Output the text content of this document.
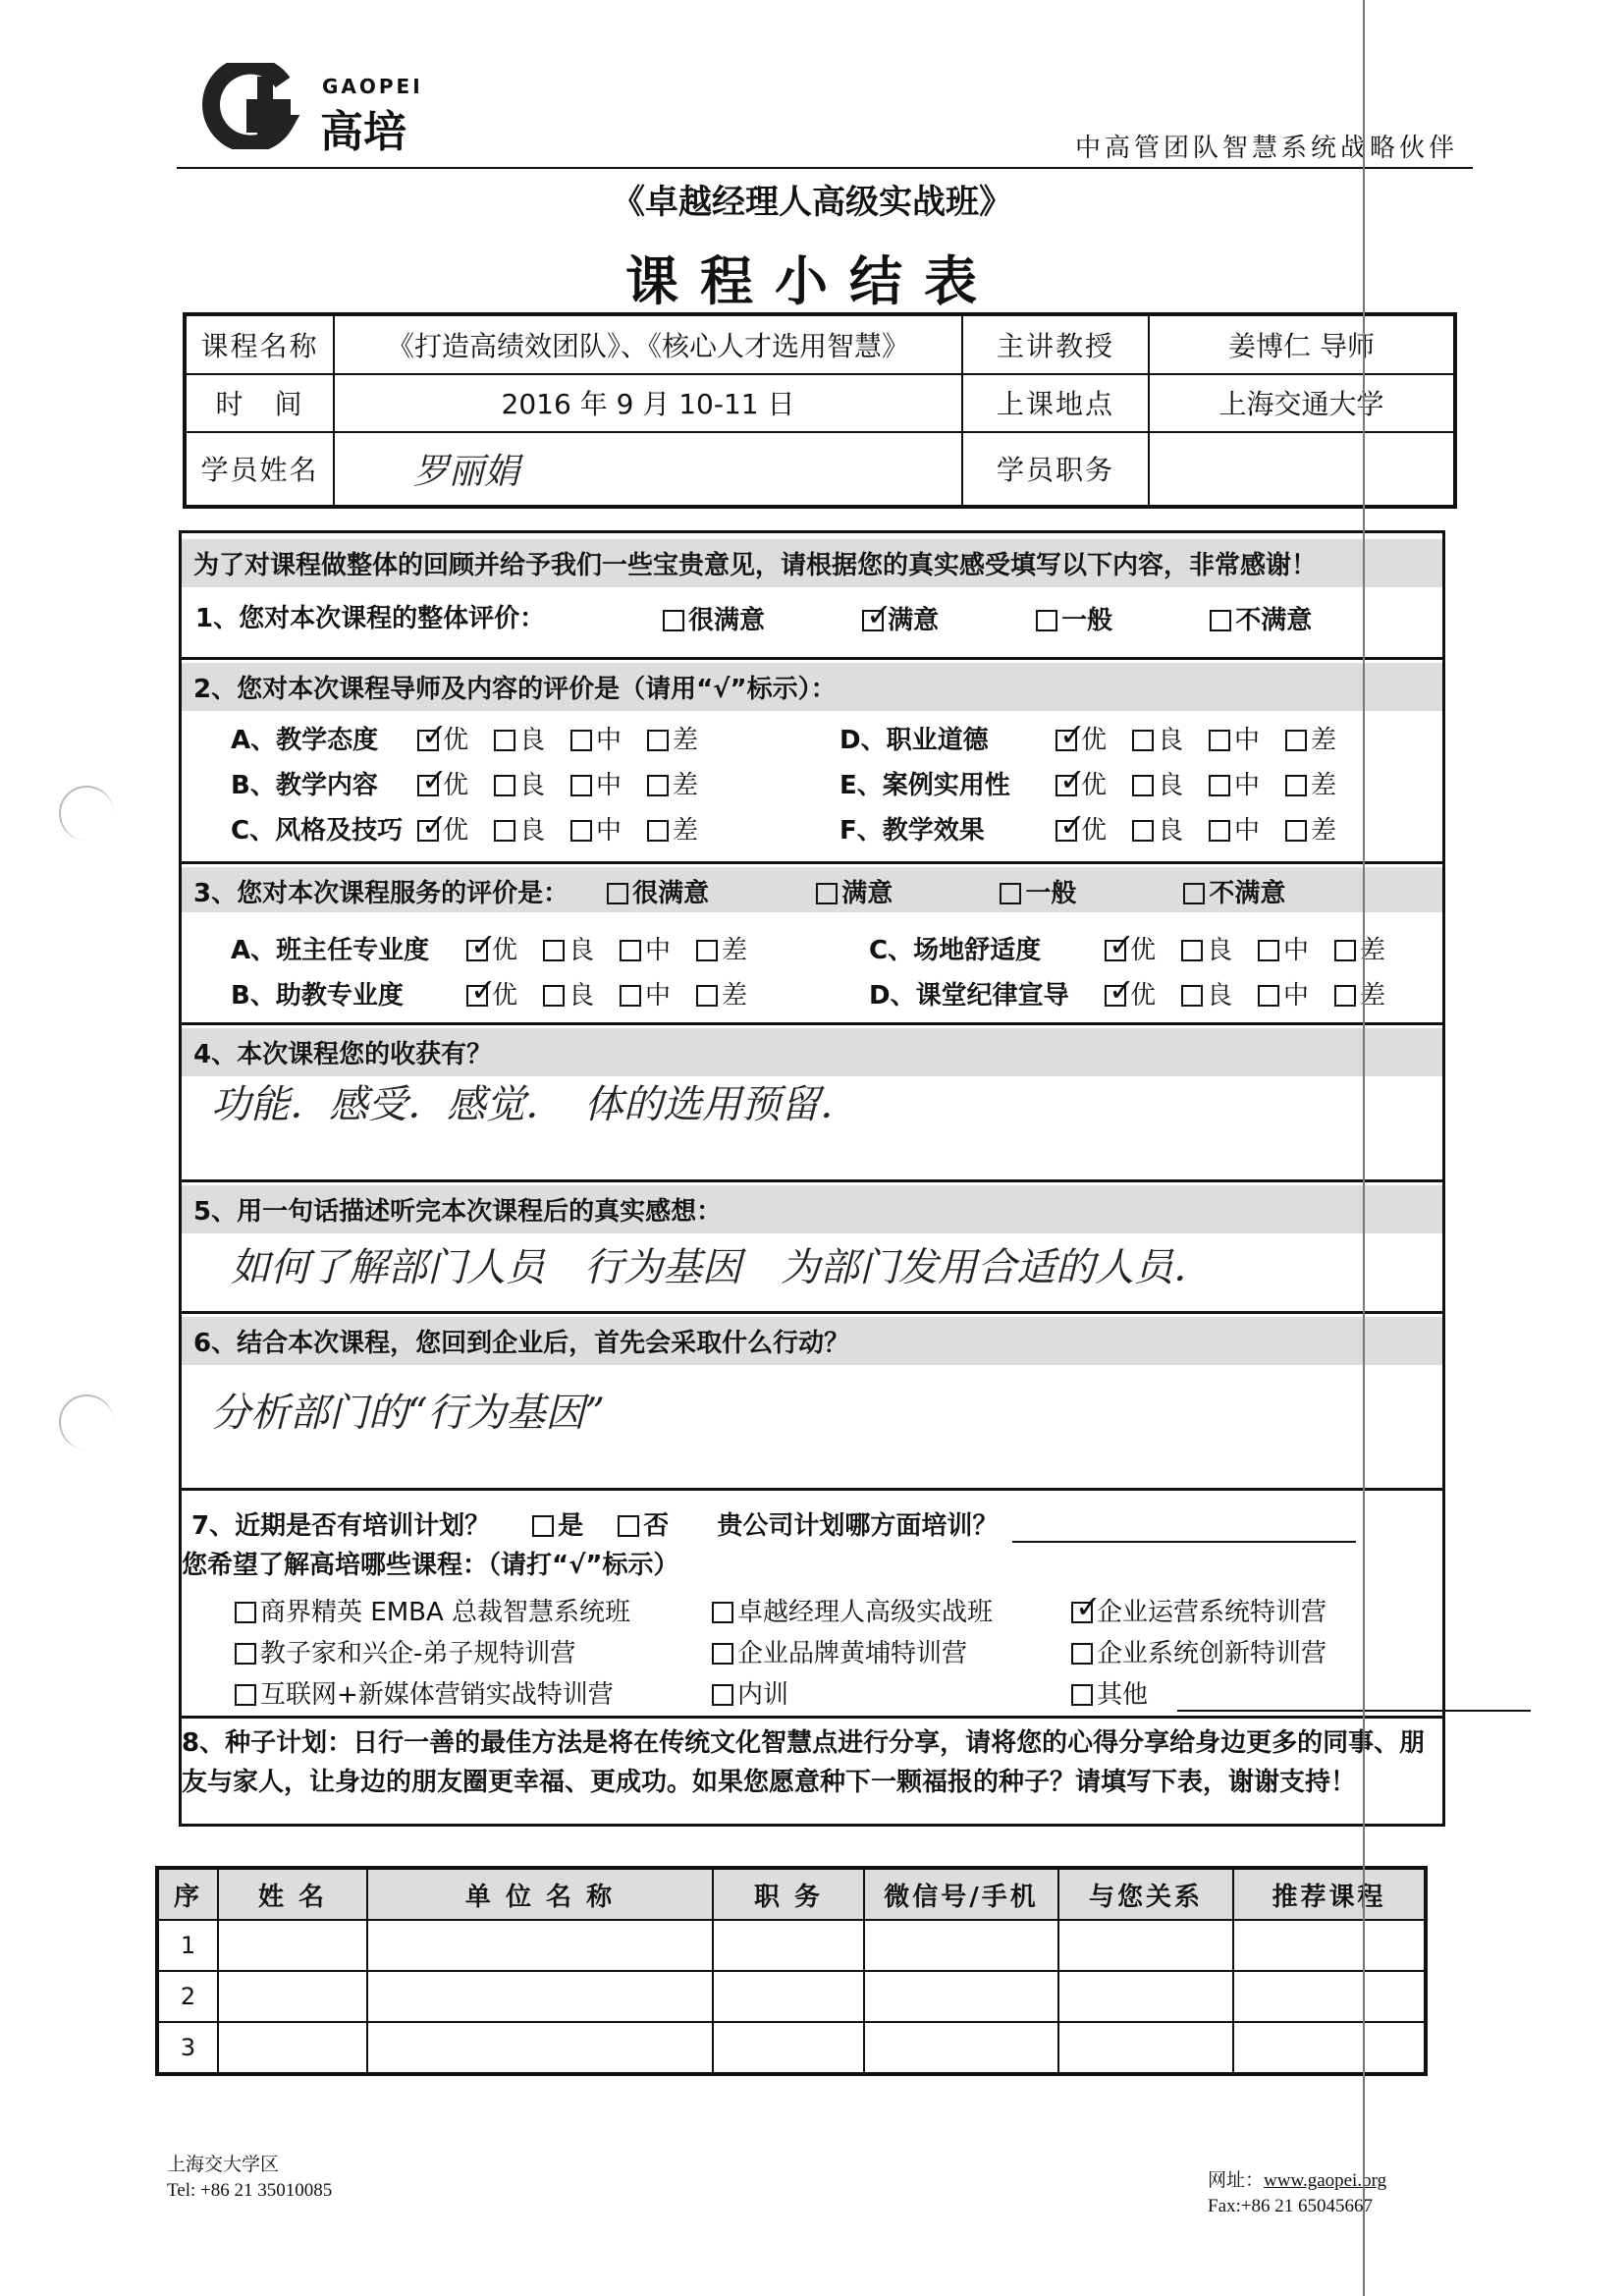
GAOPEI
高培	中高管团队智慧系统战略伙伴
《卓越经理人高级实战班》
课程小结表
课程名称	《打造高绩效团队》、《核心人才选用智慧》	主讲教授	姜博仁 导师
时　间	2016 年 9 月 10-11 日	上课地点	上海交通大学
学员姓名	罗丽娟	学员职务	
为了对课程做整体的回顾并给予我们一些宝贵意见，请根据您的真实感受填写以下内容，非常感谢！
1、您对本次课程的整体评价：	很满意 ✓	满意	一般	不满意
2、您对本次课程导师及内容的评价是（请用“√”标示）：
A、教学态度 ✓	优 良 中 差
B、教学内容 ✓	优 良 中 差
C、风格及技巧 ✓ 优 良 中 差
D、职业道德 ✓	优 良 中 差
E、案例实用性 ✓	优 良 中 差
F、教学效果 ✓	优 良 中 差
3、您对本次课程服务的评价是：	很满意	满意	一般	不满意
A、班主任专业度 ✓ 优 良 中 差
B、助教专业度 ✓	优 良 中 差
C、场地舒适度 ✓	优 良 中 差
D、课堂纪律宣导 ✓ 优 良 中 差
4、本次课程您的收获有？
功能．感受．感觉．　体的选用预留．
5、用一句话描述听完本次课程后的真实感想：
如何了解部门人员　行为基因　为部门发用合适的人员．
6、结合本次课程，您回到企业后，首先会采取什么行动？
分析部门的“行为基因”
7、近期是否有培训计划？	是 否 贵公司计划哪方面培训？
您希望了解高培哪些课程：（请打“√”标示）
商界精英 EMBA 总裁智慧系统班	卓越经理人高级实战班 ✓	企业运营系统特训营
教子家和兴企-弟子规特训营	企业品牌黄埔特训营	企业系统创新特训营
互联网+新媒体营销实战特训营	内训	其他
8、种子计划：日行一善的最佳方法是将在传统文化智慧点进行分享，请将您的心得分享给身边更多的同事、朋友与家人，让身边的朋友圈更幸福、更成功。如果您愿意种下一颗福报的种子？请填写下表，谢谢支持！
序	姓 名	单 位 名 称	职 务	微信号/手机	与您关系	推荐课程
1						
2						
3						
上海交大学区
Tel: +86 21 35010085	网址：www.gaopei.org
Fax:+86 21 65045667
